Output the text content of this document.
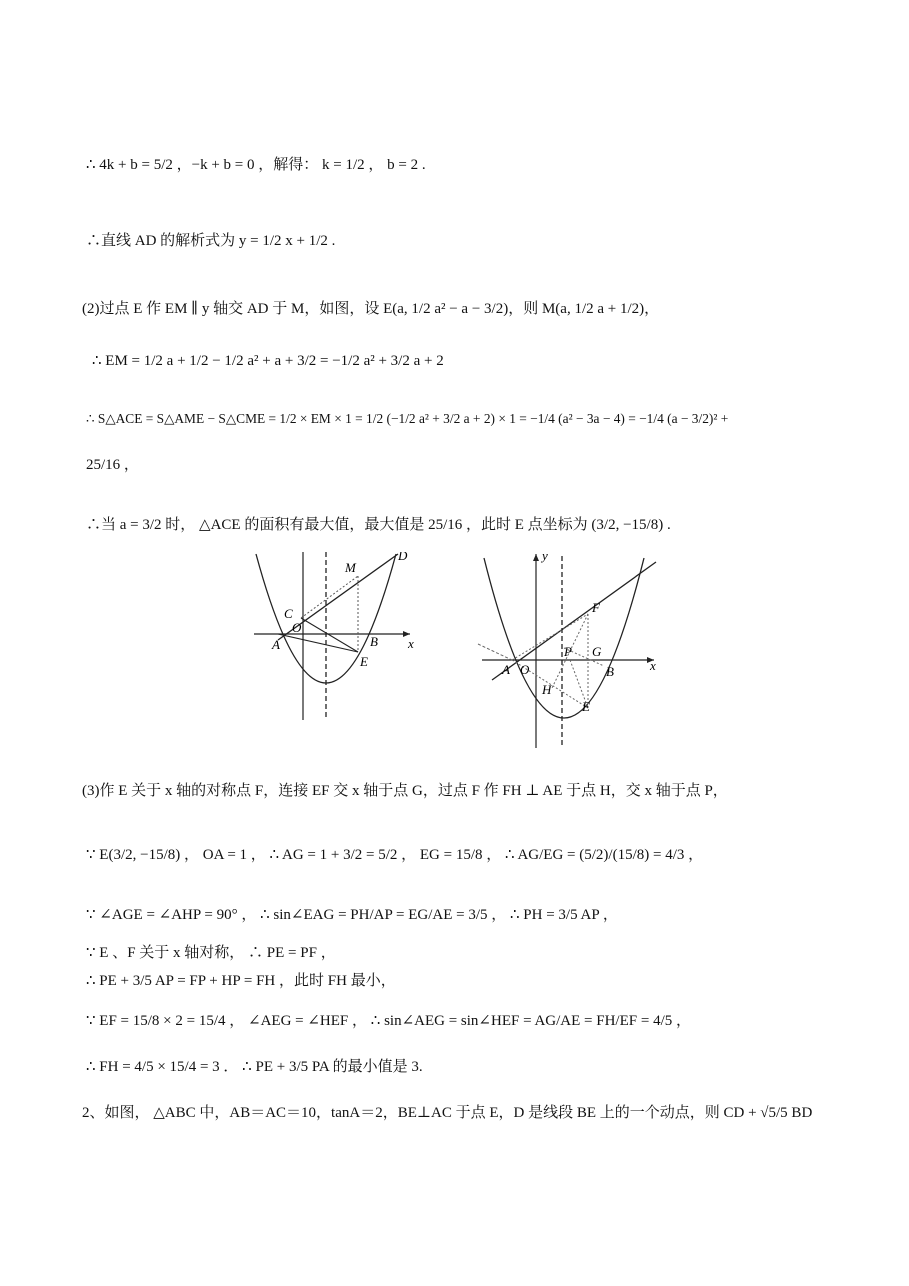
∴ 4k + b = 5/2 ，−k + b = 0 ，解得： k = 1/2 ， b = 2 .
∴直线 AD 的解析式为 y = 1/2 x + 1/2 .
(2)过点 E 作 EM ∥ y 轴交 AD 于 M，如图，设 E(a, 1/2 a² − a − 3/2)，则 M(a, 1/2 a + 1/2)，
∴ EM = 1/2 a + 1/2 − 1/2 a² + a + 3/2 = −1/2 a² + 3/2 a + 2
∴ S△ACE = S△AME − S△CME = 1/2 × EM × 1 = 1/2 (−1/2 a² + 3/2 a + 2) × 1 = −1/4 (a² − 3a − 4) = −1/4 (a − 3/2)² +
25/16 ，
∴当 a = 3/2 时， △ACE 的面积有最大值，最大值是 25/16 ，此时 E 点坐标为 (3/2, −15/8) .
M
D
C
O
A	B
E
x
y
F
P G
A O	B
H
E
x
(3)作 E 关于 x 轴的对称点 F，连接 EF 交 x 轴于点 G，过点 F 作 FH ⊥ AE 于点 H，交 x 轴于点 P，
∵ E(3/2, −15/8) ， OA = 1 ， ∴ AG = 1 + 3/2 = 5/2 ， EG = 15/8 ， ∴ AG/EG = (5/2)/(15/8) = 4/3 ，
∵ ∠AGE = ∠AHP = 90° ， ∴ sin∠EAG = PH/AP = EG/AE = 3/5 ， ∴ PH = 3/5 AP ，
∵ E 、F 关于 x 轴对称， ∴ PE = PF ，
∴ PE + 3/5 AP = FP + HP = FH ，此时 FH 最小，
∵ EF = 15/8 × 2 = 15/4 ， ∠AEG = ∠HEF ， ∴ sin∠AEG = sin∠HEF = AG/AE = FH/EF = 4/5 ，
∴ FH = 4/5 × 15/4 = 3 ． ∴ PE + 3/5 PA 的最小值是 3.
2、如图， △ABC 中，AB＝AC＝10，tanA＝2，BE⊥AC 于点 E，D 是线段 BE 上的一个动点，则 CD + √5/5 BD
